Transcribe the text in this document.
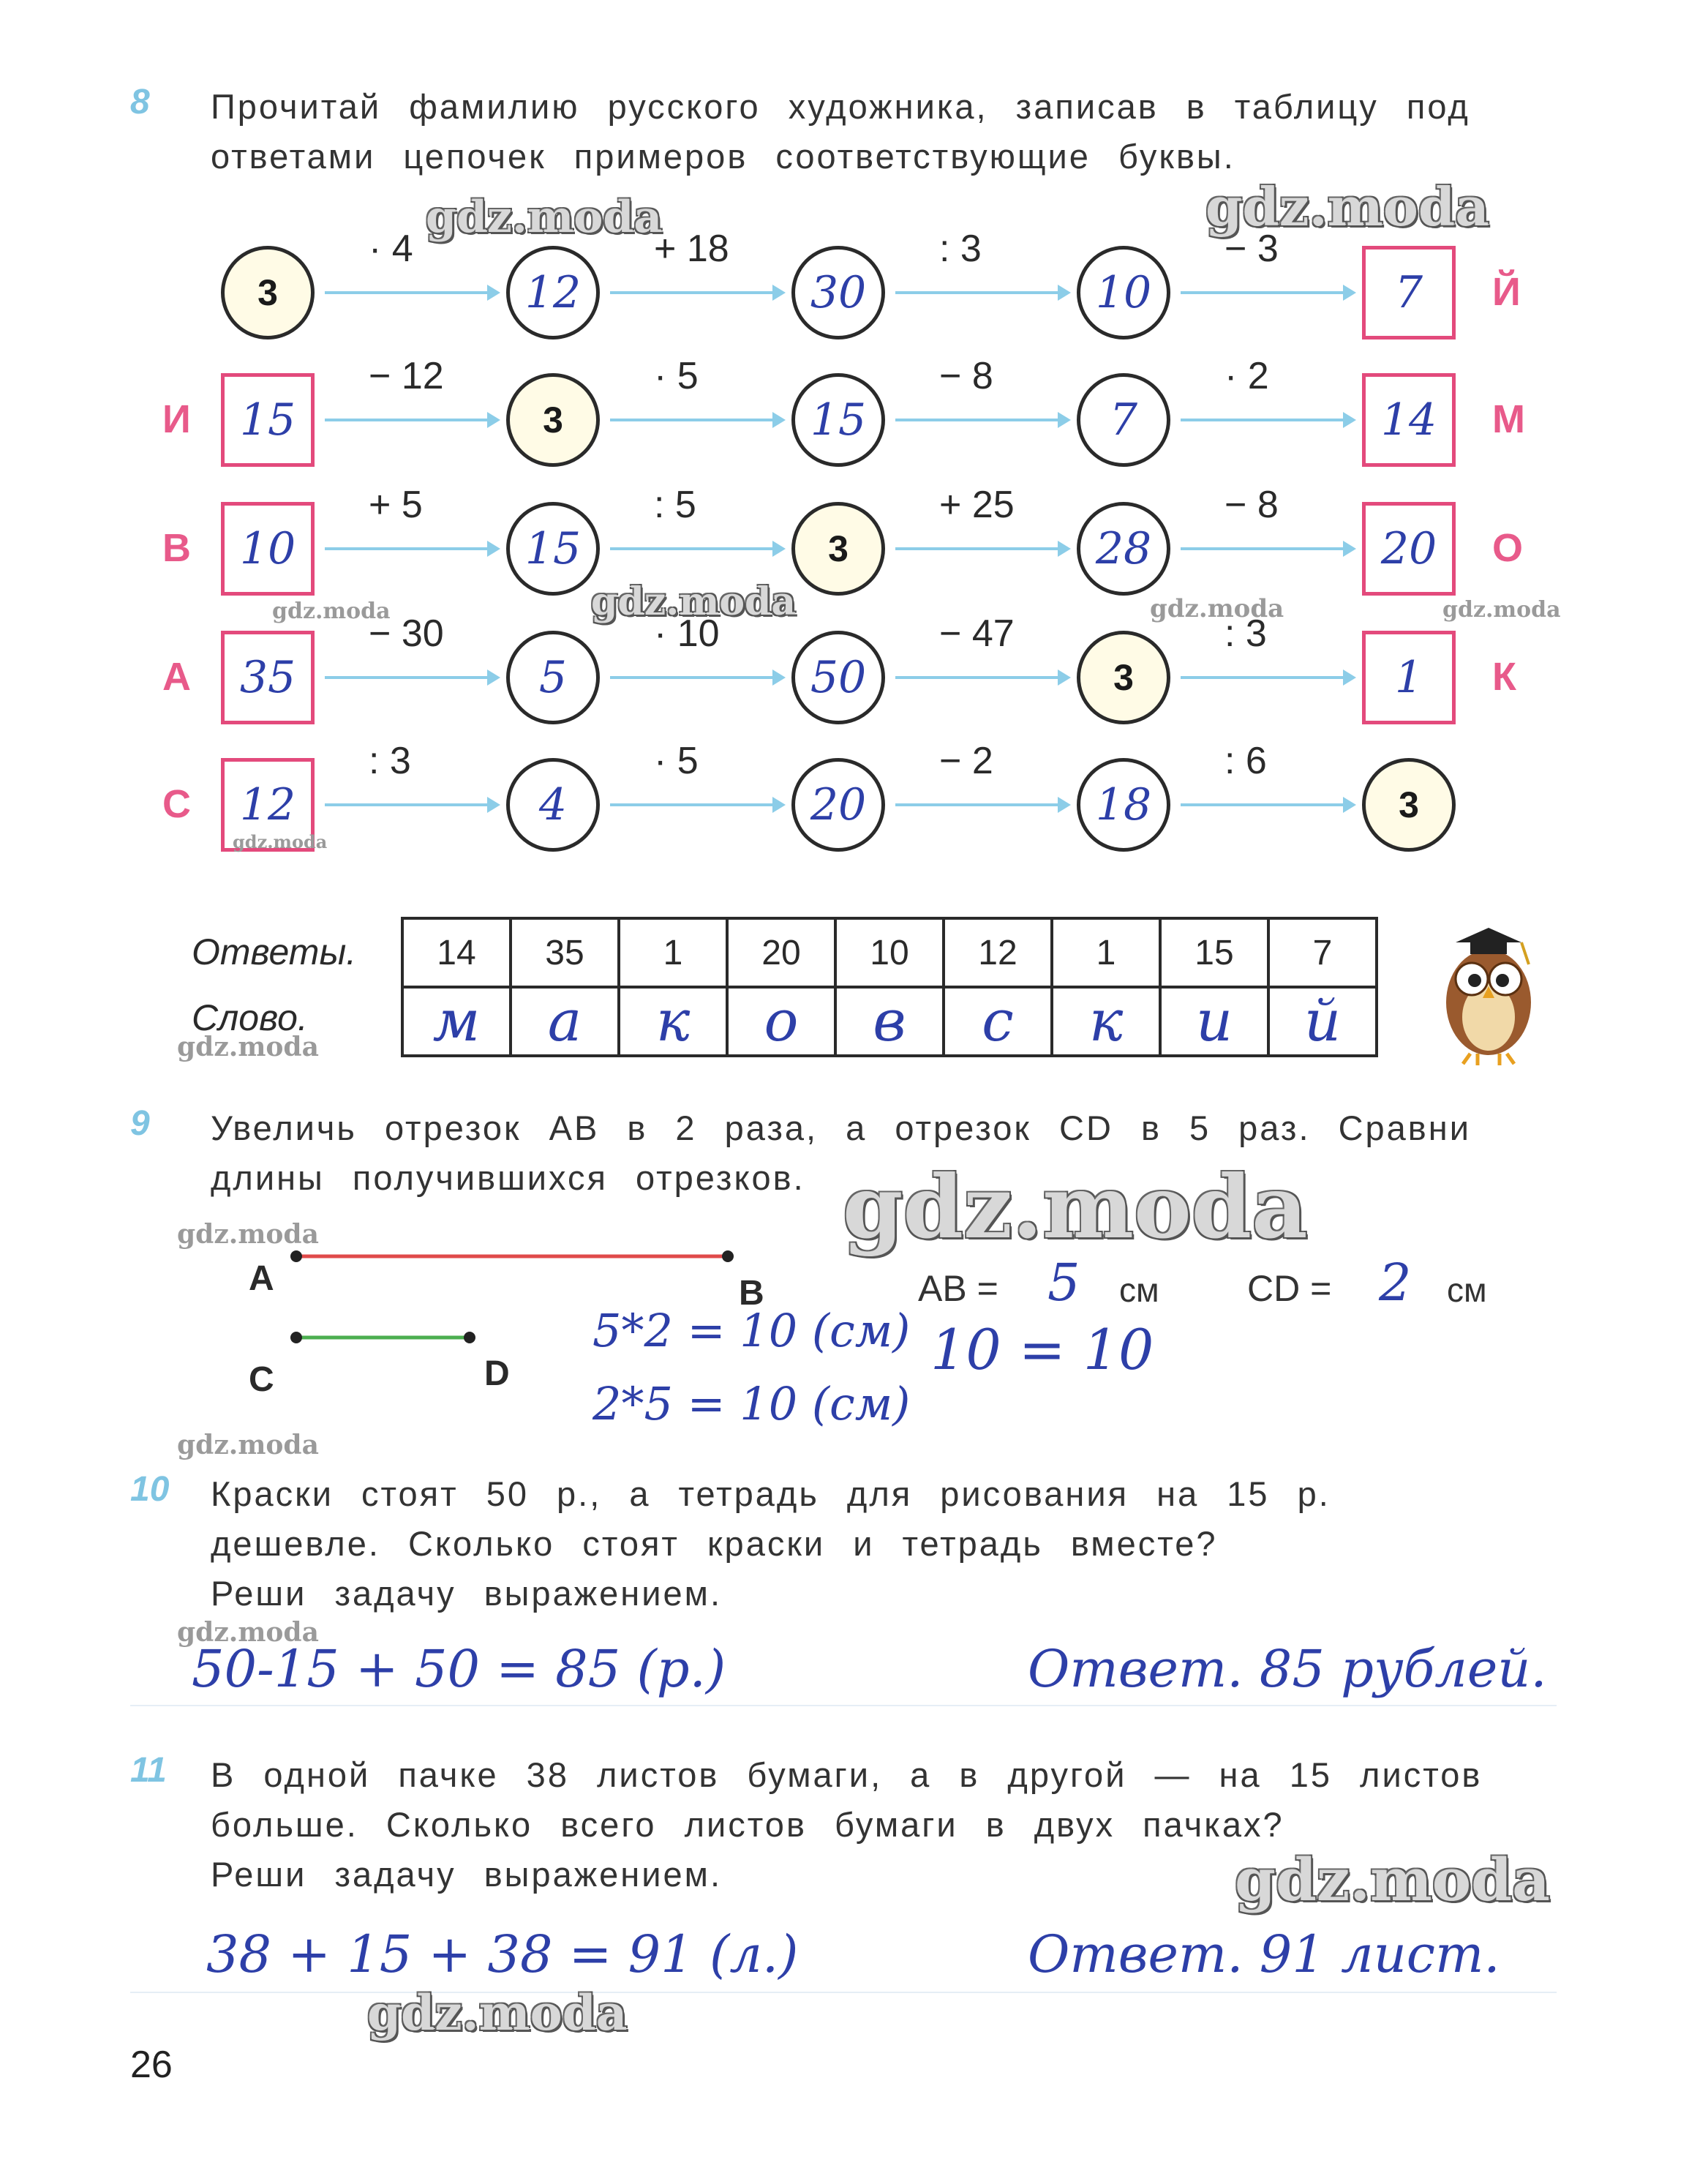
8 Прочитай фамилию русского художника, записав в таблицу под
ответами цепочек примеров соответствующие буквы.
Й
3	12	30	10	7
· 4	+ 18	: 3	− 3
И	М
15	3	15	7	14
− 12	· 5	− 8	· 2
В	О
10	15	3	28	20
+ 5	: 5	+ 25	− 8
А	К
35	5	50	3	1
− 30	· 10	− 47	: 3
С 12	4	20	18	3
: 3	· 5	− 2	: 6
Ответы.
Слово.
14	35	1	20	10	12	1	15	7
м	а	к	о	в	с	к	и	й
9 Увеличь отрезок AB в 2 раза, а отрезок CD в 5 раз. Сравни
длины получившихся отрезков.
A	B
C	D
5*2 = 10 (см)
2*5 = 10 (см)
AB = 5 см CD = 2 см
10 = 10
10 Краски стоят 50 р., а тетрадь для рисования на 15 р.
дешевле. Сколько стоят краски и тетрадь вместе?
Реши задачу выражением.
50-15 + 50 = 85 (р.)	Ответ. 85 рублей.
11 В одной пачке 38 листов бумаги, а в другой — на 15 листов
больше. Сколько всего листов бумаги в двух пачках?
Реши задачу выражением.
38 + 15 + 38 = 91 (л.)	Ответ. 91 лист.
26
gdz.moda	gdz.moda
gdz.moda
gdz.moda	gdz.moda	gdz.moda
gdz.moda
gdz.moda
gdz.moda
gdz.moda
gdz.moda
gdz.moda
gdz.moda
gdz.moda
